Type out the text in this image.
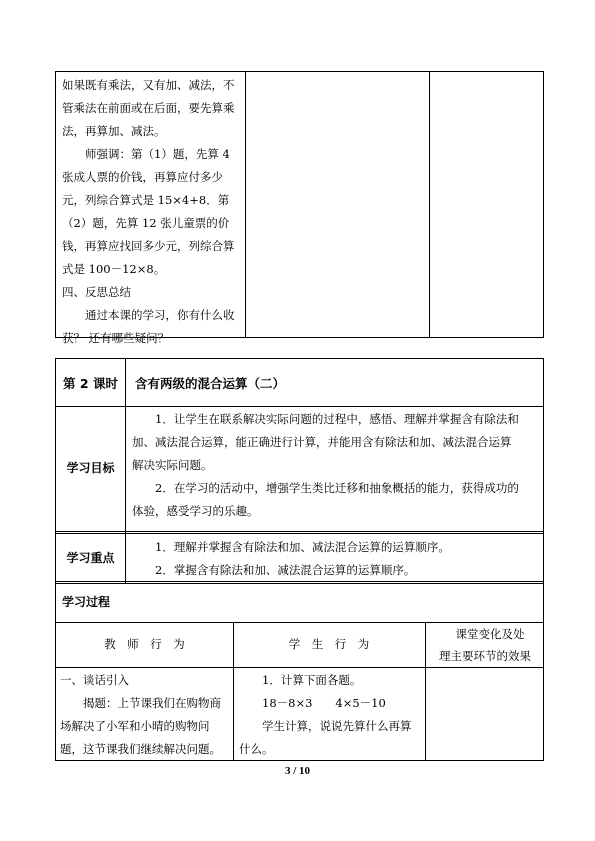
如果既有乘法，又有加、减法，不

管乘法在前面或在后面，要先算乘

法，再算加、减法。

师强调：第（1）题，先算 4

张成人票的价钱，再算应付多少

元，列综合算式是 15×4+8．第

（2）题，先算 12 张儿童票的价

钱，再算应找回多少元，列综合算

式是 100－12×8。

四、反思总结

通过本课的学习，你有什么收

获？ 还有哪些疑问？

第 2 课时	含有两级的混合运算（二）
学习目标

1．让学生在联系解决实际问题的过程中，感悟、理解并掌握含有除法和

加、减法混合运算，能正确进行计算，并能用含有除法和加、减法混合运算

解决实际问题。

2．在学习的活动中，增强学生类比迁移和抽象概括的能力，获得成功的

体验，感受学习的乐趣。

学习重点

1．理解并掌握含有除法和加、减法混合运算的运算顺序。

2．掌握含有除法和加、减法混合运算的运算顺序。

学习过程
教　师　行　为	学　生　行　为

课堂变化及处

理主要环节的效果

一、谈话引入

揭题：上节课我们在购物商

场解决了小军和小晴的购物问

题，这节课我们继续解决问题。

1．计算下面各题。

18－8×3　　4×5－10

学生计算，说说先算什么再算

什么。

3 / 10
